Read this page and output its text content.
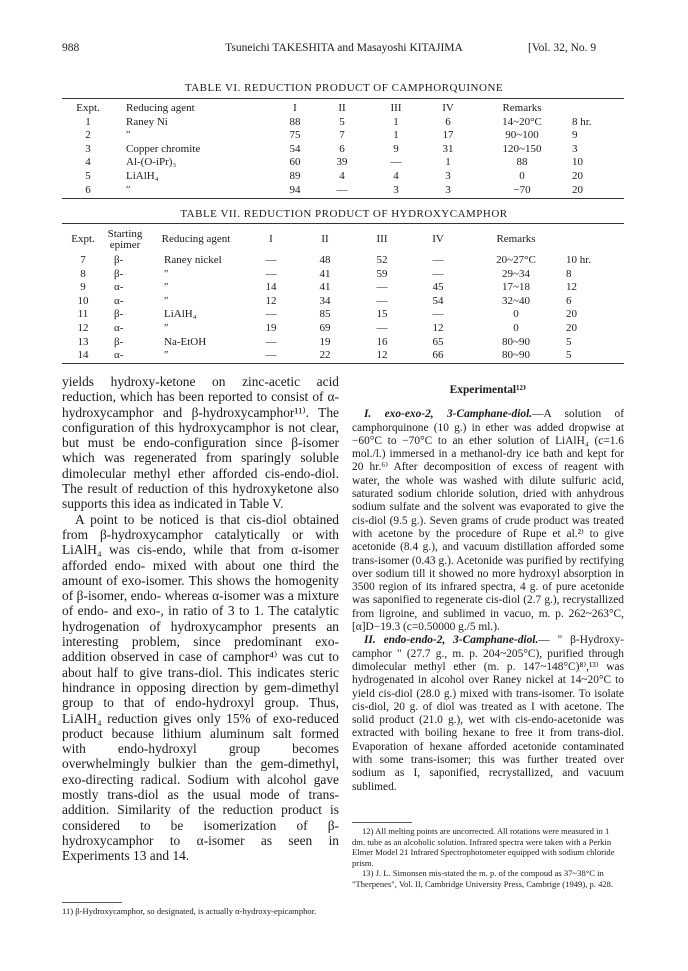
988	Tsuneichi TAKESHITA and Masayoshi KITAJIMA	[Vol. 32, No. 9
TABLE VI. REDUCTION PRODUCT OF CAMPHORQUINONE
Expt.	Reducing agent	I	II	III	IV	Remarks	
1	Raney Ni	88	5	1	6	14~20°C	8 hr.
2	″	75	7	1	17	90~100	9
3	Copper chromite	54	6	9	31	120~150	3
4	Al-(O-iPr)₃	60	39	—	1	88	10
5	LiAlH₄	89	4	4	3	0	20
6	″	94	—	3	3	−70	20
TABLE VII. REDUCTION PRODUCT OF HYDROXYCAMPHOR
Expt.	Starting epimer	Reducing agent	I	II	III	IV	Remarks	
7	β-	Raney nickel	—	48	52	—	20~27°C	10 hr.
8	β-	″	—	41	59	—	29~34	8
9	α-	″	14	41	—	45	17~18	12
10	α-	″	12	34	—	54	32~40	6
11	β-	LiAlH₄	—	85	15	—	0	20
12	α-	″	19	69	—	12	0	20
13	β-	Na-EtOH	—	19	16	65	80~90	5
14	α-	″	—	22	12	66	80~90	5

yields hydroxy-ketone on zinc-acetic acid reduction, which has been reported to consist of α-hydroxycamphor and β-hydroxycamphor¹¹⁾. The configuration of this hydroxycamphor is not clear, but must be endo-configuration since β-isomer which was regenerated from sparingly soluble dimolecular methyl ether afforded cis-endo-diol. The result of reduction of this hydroxyketone also supports this idea as indicated in Table V.

A point to be noticed is that cis-diol obtained from β-hydroxycamphor catalytically or with LiAlH₄ was cis-endo, while that from α-isomer afforded endo- mixed with about one third the amount of exo-isomer. This shows the homogenity of β-isomer, endo- whereas α-isomer was a mixture of endo- and exo-, in ratio of 3 to 1. The catalytic hydrogenation of hydroxycamphor presents an interesting problem, since predominant exo-addition observed in case of camphor⁴⁾ was cut to about half to give trans-diol. This indicates steric hindrance in opposing direction by gem-dimethyl group to that of endo-hydroxyl group. Thus, LiAlH₄ reduction gives only 15% of exo-reduced product because lithium aluminum salt formed with endo-hydroxyl group becomes overwhelmingly bulkier than the gem-dimethyl, exo-directing radical. Sodium with alcohol gave mostly trans-diol as the usual mode of trans-addition. Similarity of the reduction product is considered to be isomerization of β-hydroxycamphor to α-isomer as seen in Experiments 13 and 14.

11) β-Hydroxycamphor, so designated, is actually α-hydroxy-epicamphor.

Experimental¹²⁾

I. exo-exo-2, 3-Camphane-diol.—A solution of camphorquinone (10 g.) in ether was added dropwise at −60°C to −70°C to an ether solution of LiAlH₄ (c=1.6 mol./l.) immersed in a methanol-dry ice bath and kept for 20 hr.⁶⁾ After decomposition of excess of reagent with water, the whole was washed with dilute sulfuric acid, saturated sodium chloride solution, dried with anhydrous sodium sulfate and the solvent was evaporated to give the cis-diol (9.5 g.). Seven grams of crude product was treated with acetone by the procedure of Rupe et al.²⁾ to give acetonide (8.4 g.), and vacuum distillation afforded some trans-isomer (0.43 g.). Acetonide was purified by rectifying over sodium till it showed no more hydroxyl absorption in 3500 region of its infrared spectra, 4 g. of pure acetonide was saponified to regenerate cis-diol (2.7 g.), recrystallized from ligroine, and sublimed in vacuo, m. p. 262~263°C, [α]D−19.3 (c=0.50000 g./5 ml.).

II. endo-endo-2, 3-Camphane-diol.— " β-Hydroxy-camphor " (27.7 g., m. p. 204~205°C), purified through dimolecular methyl ether (m. p. 147~148°C)⁸⁾,¹³⁾ was hydrogenated in alcohol over Raney nickel at 14~20°C to yield cis-diol (28.0 g.) mixed with trans-isomer. To isolate cis-diol, 20 g. of diol was treated as I with acetone. The solid product (21.0 g.), wet with cis-endo-acetonide was extracted with boiling hexane to free it from trans-diol. Evaporation of hexane afforded acetonide contaminated with some trans-isomer; this was further treated over sodium as I, saponified, recrystallized, and vacuum sublimed.

12) All melting points are uncorrected. All rotations were measured in 1 dm. tube as an alcoholic solution. Infrared spectra were taken with a Perkin Elmer Model 21 Infrared Spectrophotometer equipped with sodium chloride prism.

13) J. L. Simonsen mis-stated the m. p. of the compoud as 37~38°C in "Therpenes", Vol. II, Cambridge University Press, Cambrige (1949), p. 428.
